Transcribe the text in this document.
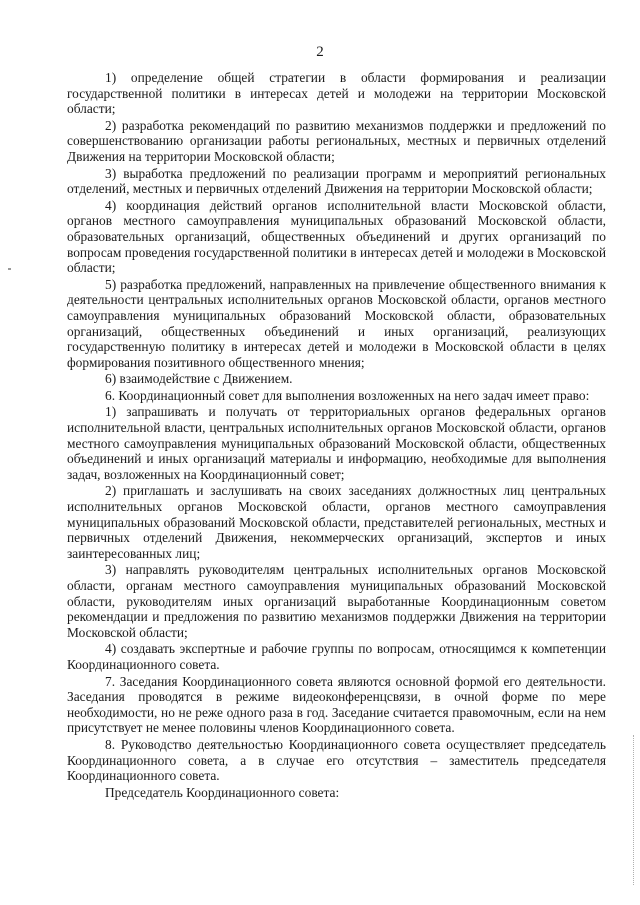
2

1) определение общей стратегии в области формирования и реализации государственной политики в интересах детей и молодежи на территории Московской области;

2) разработка рекомендаций по развитию механизмов поддержки и предложений по совершенствованию организации работы региональных, местных и первичных отделений Движения на территории Московской области;

3) выработка предложений по реализации программ и мероприятий региональных отделений, местных и первичных отделений Движения на территории Московской области;

4) координация действий органов исполнительной власти Московской области, органов местного самоуправления муниципальных образований Московской области, образовательных организаций, общественных объединений и других организаций по вопросам проведения государственной политики в интересах детей и молодежи в Московской области;

5) разработка предложений, направленных на привлечение общественного внимания к деятельности центральных исполнительных органов Московской области, органов местного самоуправления муниципальных образований Московской области, образовательных организаций, общественных объединений и иных организаций, реализующих государственную политику в интересах детей и молодежи в Московской области в целях формирования позитивного общественного мнения;

6) взаимодействие с Движением.

6. Координационный совет для выполнения возложенных на него задач имеет право:

1) запрашивать и получать от территориальных органов федеральных органов исполнительной власти, центральных исполнительных органов Московской области, органов местного самоуправления муниципальных образований Московской области, общественных объединений и иных организаций материалы и информацию, необходимые для выполнения задач, возложенных на Координационный совет;

2) приглашать и заслушивать на своих заседаниях должностных лиц центральных исполнительных органов Московской области, органов местного самоуправления муниципальных образований Московской области, представителей региональных, местных и первичных отделений Движения, некоммерческих организаций, экспертов и иных заинтересованных лиц;

3) направлять руководителям центральных исполнительных органов Московской области, органам местного самоуправления муниципальных образований Московской области, руководителям иных организаций выработанные Координационным советом рекомендации и предложения по развитию механизмов поддержки Движения на территории Московской области;

4) создавать экспертные и рабочие группы по вопросам, относящимся к компетенции Координационного совета.

7. Заседания Координационного совета являются основной формой его деятельности. Заседания проводятся в режиме видеоконференцсвязи, в очной форме по мере необходимости, но не реже одного раза в год. Заседание считается правомочным, если на нем присутствует не менее половины членов Координационного совета.

8. Руководство деятельностью Координационного совета осуществляет председатель Координационного совета, а в случае его отсутствия – заместитель председателя Координационного совета.

Председатель Координационного совета:
